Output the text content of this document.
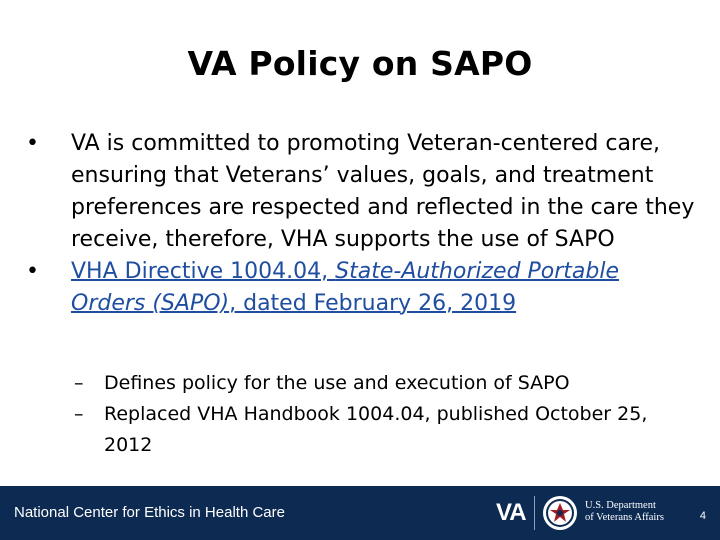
VA Policy on SAPO
•	VA is committed to promoting Veteran-centered care, ensuring that Veterans’ values, goals, and treatment preferences are respected and reflected in the care they receive, therefore, VHA supports the use of SAPO
•	VHA Directive 1004.04, State-Authorized Portable Orders (SAPO), dated February 26, 2019
– Defines policy for the use and execution of SAPO
– Replaced VHA Handbook 1004.04, published October 25, 2012
National Center for Ethics in Health Care	VA	U.S. Department
of Veterans Affairs	4
